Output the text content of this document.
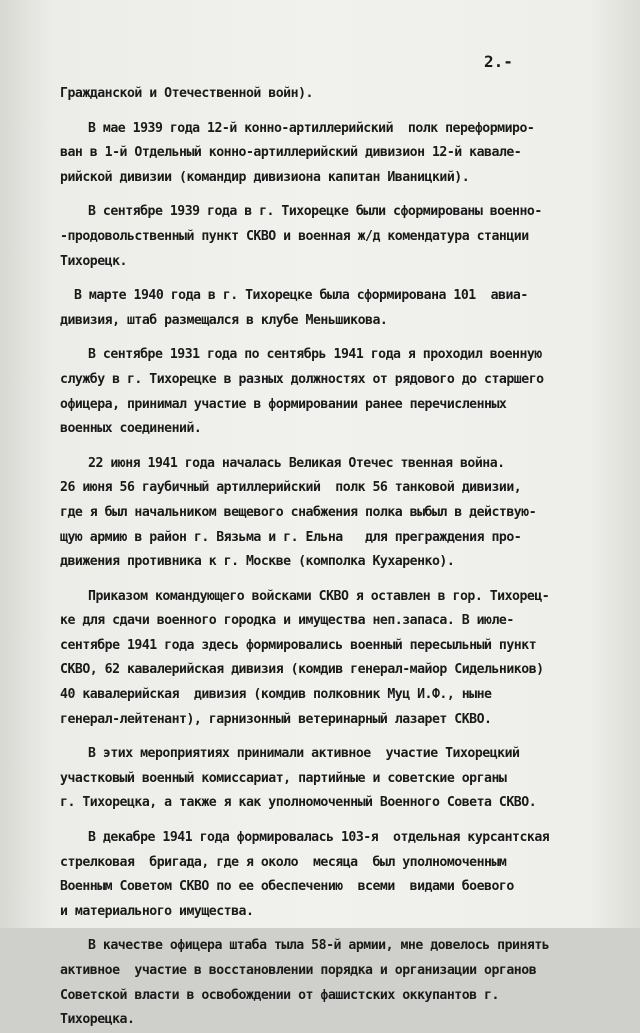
2.-
Гражданской и Отечественной войн).
В мае 1939 года 12-й конно-артиллерийский  полк переформиро-
ван в 1-й Отдельный конно-артиллерийский дивизион 12-й кавале-
рийской дивизии (командир дивизиона капитан Иваницкий).
В сентябре 1939 года в г. Тихорецке были сформированы военно-
-продовольственный пункт СКВО и военная ж/д комендатура станции
Тихорецк.
В марте 1940 года в г. Тихорецке была сформирована 101  авиа-
дивизия, штаб размещался в клубе Меньшикова.
В сентябре 1931 года по сентябрь 1941 года я проходил военную
службу в г. Тихорецке в разных должностях от рядового до старшего
офицера, принимал участие в формировании ранее перечисленных
военных соединений.
22 июня 1941 года началась Великая Отечес твенная война.
26 июня 56 гаубичный артиллерийский  полк 56 танковой дивизии,
где я был начальником вещевого снабжения полка выбыл в действую-
щую армию в район г. Вязьма и г. Ельна   для преграждения про-
движения противника к г. Москве (комполка Кухаренко).
Приказом командующего войсками СКВО я оставлен в гор. Тихорец-
ке для сдачи военного городка и имущества неп.запаса. В июле-
сентябре 1941 года здесь формировались военный пересыльный пункт
СКВО, 62 кавалерийская дивизия (комдив генерал-майор Сидельников)
40 кавалерийская  дивизия (комдив полковник Муц И.Ф., ныне
генерал-лейтенант), гарнизонный ветеринарный лазарет СКВО.
В этих мероприятиях принимали активное  участие Тихорецкий
участковый военный комиссариат, партийные и советские органы
г. Тихорецка, а также я как уполномоченный Военного Совета СКВО.
В декабре 1941 года формировалась 103-я  отдельная курсантская
стрелковая  бригада, где я около  месяца  был уполномоченным
Военным Советом СКВО по ее обеспечению  всеми  видами боевого
и материального имущества.
В качестве офицера штаба тыла 58-й армии, мне довелось принять
активное  участие в восстановлении порядка и организации органов
Советской власти в освобождении от фашистских оккупантов г.
Тихорецка.
